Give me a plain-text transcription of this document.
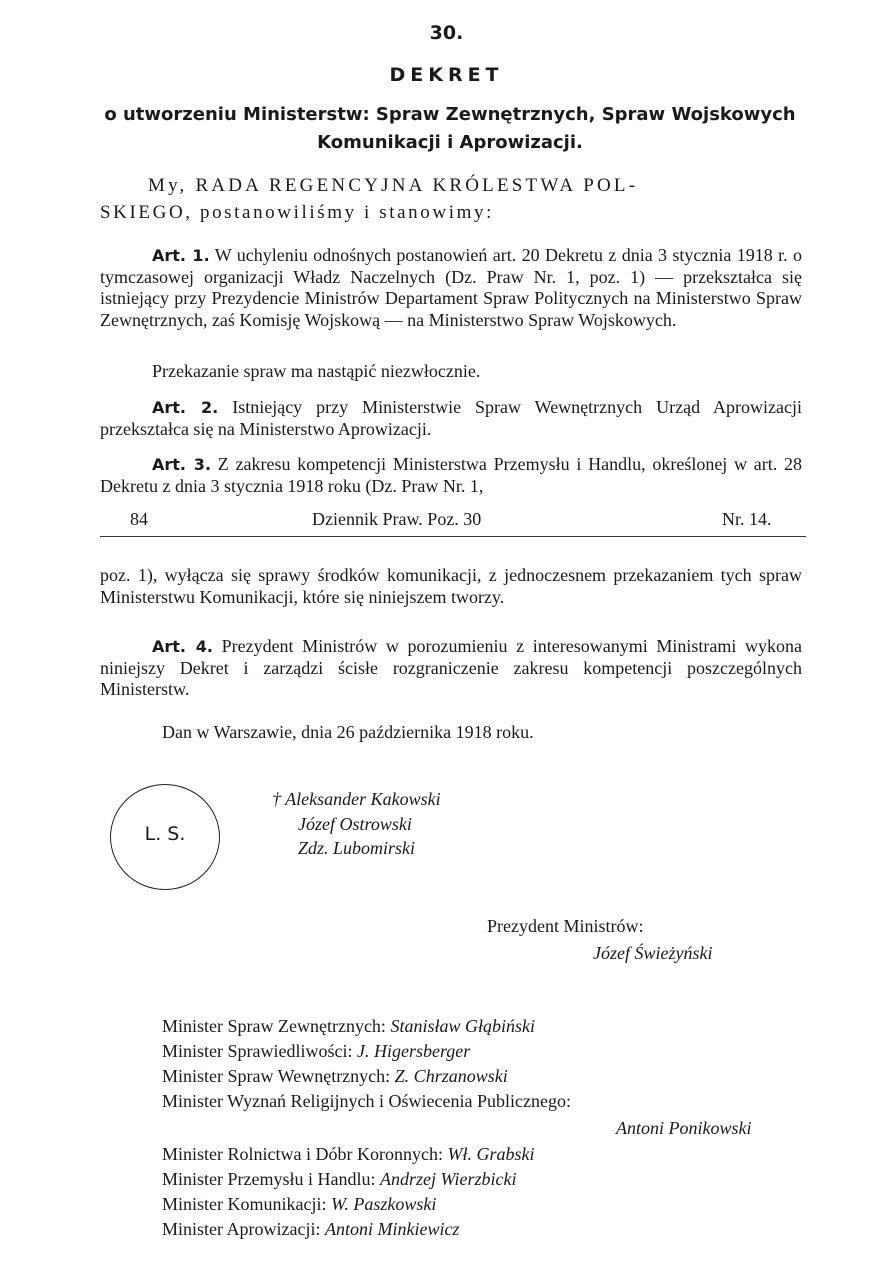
30.
DEKRET
o utworzeniu Ministerstw: Spraw Zewnętrznych, Spraw Wojskowych
Komunikacji i Aprowizacji.
My, RADA REGENCYJNA KRÓLESTWA POL-
SKIEGO, postanowiliśmy i stanowimy:
Art. 1. W uchyleniu odnośnych postanowień art. 20 Dekretu z dnia 3 stycznia 1918 r. o tymczasowej organizacji Władz Naczelnych (Dz. Praw Nr. 1, poz. 1) — przekształca się istniejący przy Prezydencie Ministrów Departament Spraw Politycznych na Ministerstwo Spraw Zewnętrznych, zaś Komisję Wojskową — na Ministerstwo Spraw Wojskowych.
Przekazanie spraw ma nastąpić niezwłocznie.
Art. 2. Istniejący przy Ministerstwie Spraw Wewnętrznych Urząd Aprowizacji przekształca się na Ministerstwo Aprowizacji.
Art. 3. Z zakresu kompetencji Ministerstwa Przemysłu i Handlu, określonej w art. 28 Dekretu z dnia 3 stycznia 1918 roku (Dz. Praw Nr. 1,
84	Dziennik Praw. Poz. 30	Nr. 14.
poz. 1), wyłącza się sprawy środków komunikacji, z jednoczesnem przekazaniem tych spraw Ministerstwu Komunikacji, które się niniejszem tworzy.
Art. 4. Prezydent Ministrów w porozumieniu z interesowanymi Ministrami wykona niniejszy Dekret i zarządzi ścisłe rozgraniczenie zakresu kompetencji poszczególnych Ministerstw.
Dan w Warszawie, dnia 26 października 1918 roku.
L. S.
† Aleksander Kakowski
Józef Ostrowski
Zdz. Lubomirski
Prezydent Ministrów:
Józef Świeżyński
Minister Spraw Zewnętrznych: Stanisław Głąbiński
Minister Sprawiedliwości: J. Higersberger
Minister Spraw Wewnętrznych: Z. Chrzanowski
Minister Wyznań Religijnych i Oświecenia Publicznego:
Antoni Ponikowski
Minister Rolnictwa i Dóbr Koronnych: Wł. Grabski
Minister Przemysłu i Handlu: Andrzej Wierzbicki
Minister Komunikacji: W. Paszkowski
Minister Aprowizacji: Antoni Minkiewicz
